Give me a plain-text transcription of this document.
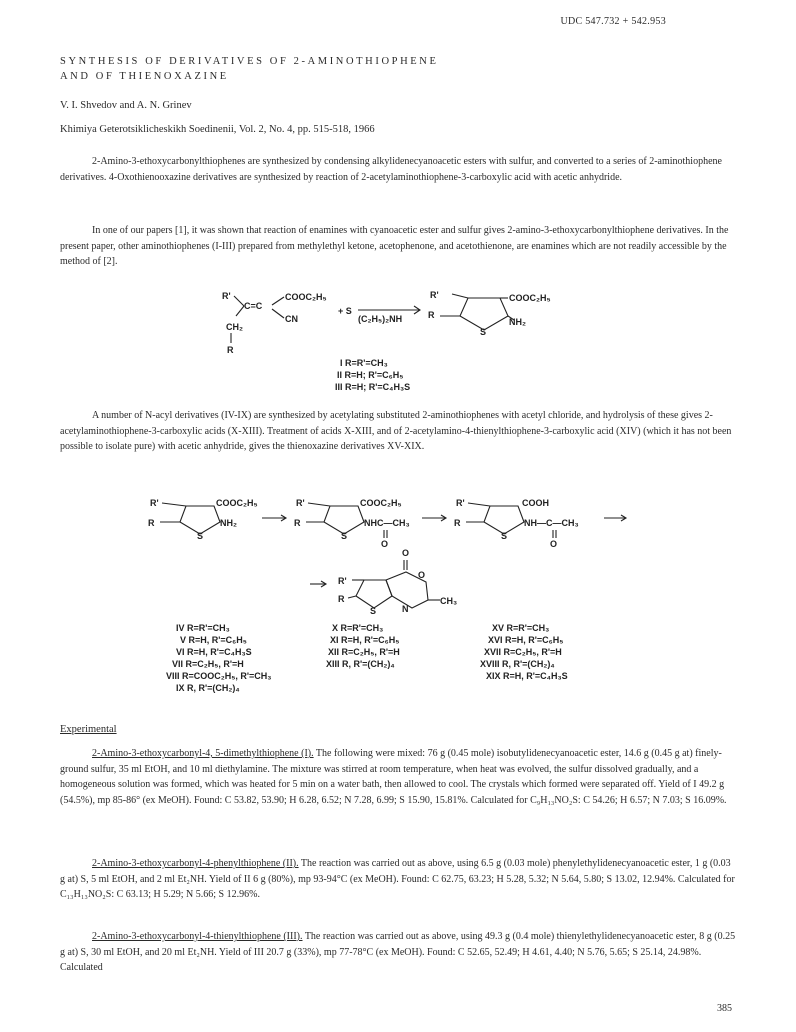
UDC 547.732 + 542.953
SYNTHESIS OF DERIVATIVES OF 2-AMINOTHIOPHENE
AND OF THIENOXAZINE
V. I. Shvedov and A. N. Grinev
Khimiya Geterotsiklicheskikh Soedinenii, Vol. 2, No. 4, pp. 515-518, 1966
2-Amino-3-ethoxycarbonylthiophenes are synthesized by condensing alkylidenecyanoacetic esters with sulfur, and converted to a series of 2-aminothiophene derivatives. 4-Oxothienooxazine derivatives are synthesized by reaction of 2-acetylaminothiophene-3-carboxylic acid with acetic anhydride.
In one of our papers [1], it was shown that reaction of enamines with cyanoacetic ester and sulfur gives 2-amino-3-ethoxycarbonylthiophene derivatives. In the present paper, other aminothiophenes (I-III) prepared from methylethyl ketone, acetophenone, and acetothienone, are enamines which are not readily accessible by the method of [2].
R'
C=C
COOC₂H₅
CN
CH₂
R
+ S
(C₂H₅)₂NH
R'
R
S
COOC₂H₅
NH₂
I R=R'=CH₃
II R=H; R'=C₆H₅
III R=H; R'=C₄H₃S
R'
R
S
COOC₂H₅
NH₂
R'
R
S
COOC₂H₅
NHC—CH₃
O
R'
R
S
COOH
NH—C—CH₃
O
O
R'
R
O
N
S
CH₃
IV R=R'=CH₃
V R=H, R'=C₆H₅
VI R=H, R'=C₄H₃S
VII R=C₂H₅, R'=H
VIII R=COOC₂H₅, R'=CH₃
IX R, R'=(CH₂)₄
X R=R'=CH₃
XI R=H, R'=C₆H₅
XII R=C₂H₅, R'=H
XIII R, R'=(CH₂)₄
XV R=R'=CH₃
XVI R=H, R'=C₆H₅
XVII R=C₂H₅, R'=H
XVIII R, R'=(CH₂)₄
XIX R=H, R'=C₄H₃S
A number of N-acyl derivatives (IV-IX) are synthesized by acetylating substituted 2-aminothiophenes with acetyl chloride, and hydrolysis of these gives 2-acetylaminothiophene-3-carboxylic acids (X-XIII). Treatment of acids X-XIII, and of 2-acetylamino-4-thienylthiophene-3-carboxylic acid (XIV) (which it has not been possible to isolate pure) with acetic anhydride, gives the thienoxazine derivatives XV-XIX.
Experimental
2-Amino-3-ethoxycarbonyl-4, 5-dimethylthiophene (I). The following were mixed: 76 g (0.45 mole) isobutylidenecyanoacetic ester, 14.6 g (0.45 g at) finely-ground sulfur, 35 ml EtOH, and 10 ml diethylamine. The mixture was stirred at room temperature, when heat was evolved, the sulfur dissolved gradually, and a homogeneous solution was formed, which was heated for 5 min on a water bath, then allowed to cool. The crystals which formed were separated off. Yield of I 49.2 g (54.5%), mp 85-86° (ex MeOH). Found: C 53.82, 53.90; H 6.28, 6.52; N 7.28, 6.99; S 15.90, 15.81%. Calculated for C₉H₁₃NO₂S: C 54.26; H 6.57; N 7.03; S 16.09%.
2-Amino-3-ethoxycarbonyl-4-phenylthiophene (II). The reaction was carried out as above, using 6.5 g (0.03 mole) phenylethylidenecyanoacetic ester, 1 g (0.03 g at) S, 5 ml EtOH, and 2 ml Et₂NH. Yield of II 6 g (80%), mp 93-94°C (ex MeOH). Found: C 62.75, 63.23; H 5.28, 5.32; N 5.64, 5.80; S 13.02, 12.94%. Calculated for C₁₃H₁₃NO₂S: C 63.13; H 5.29; N 5.66; S 12.96%.
2-Amino-3-ethoxycarbonyl-4-thienylthiophene (III). The reaction was carried out as above, using 49.3 g (0.4 mole) thienylethylidenecyanoacetic ester, 8 g (0.25 g at) S, 30 ml EtOH, and 20 ml Et₂NH. Yield of III 20.7 g (33%), mp 77-78°C (ex MeOH). Found: C 52.65, 52.49; H 4.61, 4.40; N 5.76, 5.65; S 25.14, 24.98%. Calculated
385
